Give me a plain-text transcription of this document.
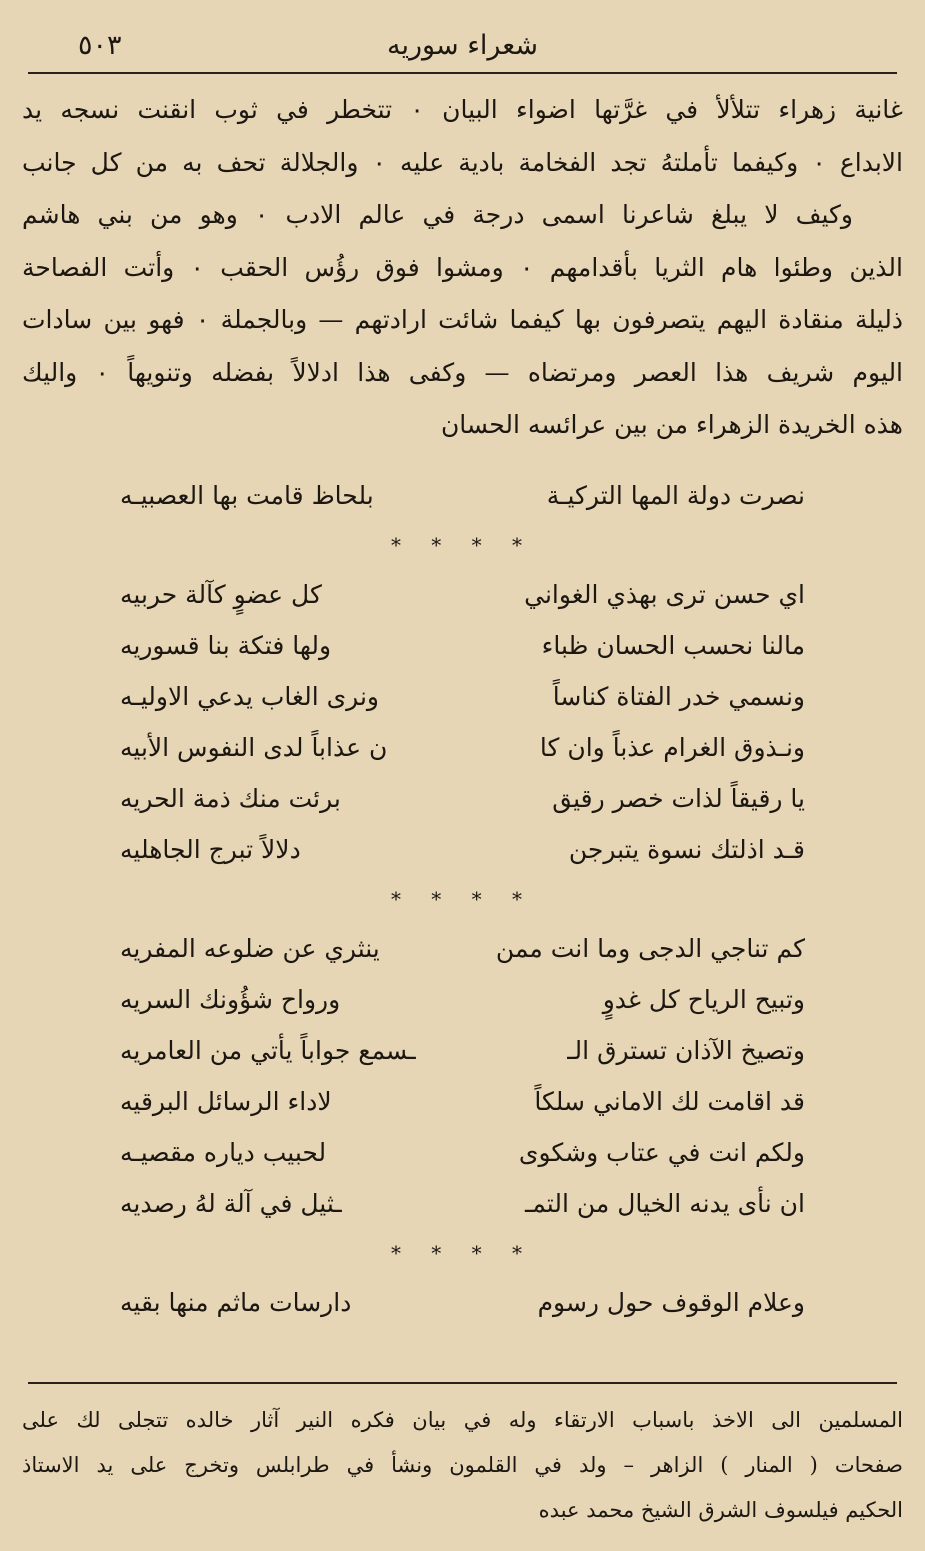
٥٠٣	شعراء سوريه
غانية زهراء تتلألأ في غرَّتها اضواء البيان ٠ تتخطر في ثوب انقنت نسجه يد
الابداع ٠ وكيفما تأملتهُ تجد الفخامة بادية عليه ٠ والجلالة تحف به من كل جانب
وكيف لا يبلغ شاعرنا اسمى درجة في عالم الادب ٠ وهو من بني هاشم
الذين وطئوا هام الثريا بأقدامهم ٠ ومشوا فوق رؤُس الحقب ٠ وأتت الفصاحة
ذليلة منقادة اليهم يتصرفون بها كيفما شائت ارادتهم — وبالجملة ٠ فهو بين سادات
اليوم شريف هذا العصر ومرتضاه — وكفى هذا ادلالاً بفضله وتنويهاً ٠ واليك
هذه الخريدة الزهراء من بين عرائسه الحسان
نصرت دولة المها التركيـة
بلحاظ قامت بها العصبيـه
* * * *
اي حسن ترى بهذي الغواني
كل عضوٍ كآلة حربيه
مالنا نحسب الحسان ظباء
ولها فتكة بنا قسوريه
ونسمي خدر الفتاة كناساً
ونرى الغاب يدعي الاوليـه
ونـذوق الغرام عذباً وان كا
ن عذاباً لدى النفوس الأبيه
يا رقيقاً لذات خصر رقيق
برئت منك ذمة الحريه
قـد اذلتك نسوة يتبرجن
دلالاً تبرج الجاهليه
* * * *
كم تناجي الدجى وما انت ممن
ينثري عن ضلوعه المفريه
وتبيح الرياح كل غدوٍ
ورواح شؤُونك السريه
وتصيخ الآذان تسترق الـ
ـسمع جواباً يأتي من العامريه
قد اقامت لك الاماني سلكاً
لاداء الرسائل البرقيه
ولكم انت في عتاب وشكوى
لحبيب دياره مقصيـه
ان نأى يدنه الخيال من التمـ
ـثيل في آلة لهُ رصديه
* * * *
وعلام الوقوف حول رسوم
دارسات ماثم منها بقيه
المسلمين الى الاخذ باسباب الارتقاء وله في بيان فكره النير آثار خالده تتجلى لك على
صفحات ( المنار ) الزاهر – ولد في القلمون ونشأ في طرابلس وتخرج على يد الاستاذ
الحكيم فيلسوف الشرق الشيخ محمد عبده
